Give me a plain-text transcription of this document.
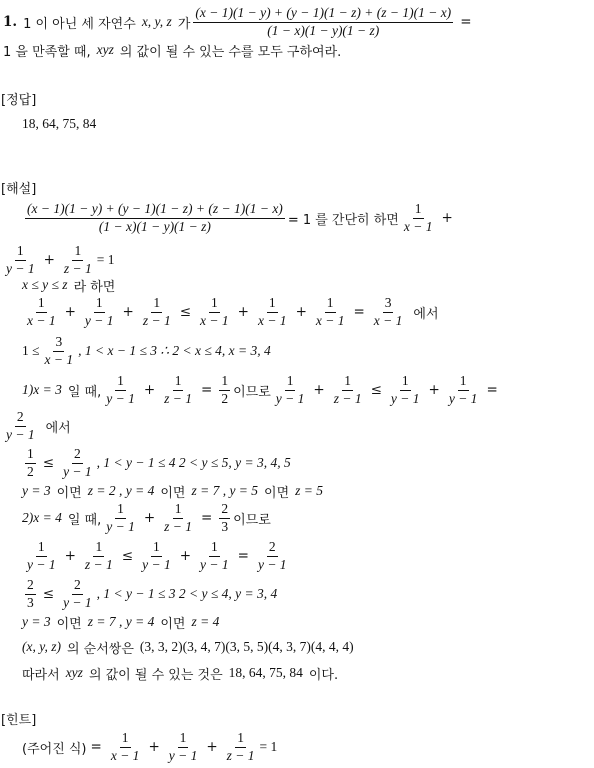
1. 1 이 아닌 세 자연수 x, y, z 가 $\frac{(x - 1)(1 - y) + (y - 1)(1 - z) + (z - 1)(1 - x)}{(1 - x)(1 - y)(1 - z)}$ =
1 을 만족할 때, xyz 의 값이 될 수 있는 수를 모두 구하여라.
[정답]
18, 64, 75, 84
[해설]
$\frac{(x - 1)(1 - y) + (y - 1)(1 - z) + (z - 1)(1 - x)}{(1 - x)(1 - y)(1 - z)} = 1$ 를 간단히 하면 $\frac{1}{x - 1}$ +
$\frac{1}{y - 1} + \frac{1}{z - 1} = 1$
x ≤ y ≤ z 라 하면
$\frac{1}{x - 1} + \frac{1}{y - 1} + \frac{1}{z - 1} \le \frac{1}{x - 1} + \frac{1}{x - 1} + \frac{1}{x - 1} = \frac{3}{x - 1}$ 에서
$1 \le \frac{3}{x - 1}$ , 1 < x − 1 ≤ 3 ∴ 2 < x ≤ 4, x = 3, 4
1)x = 3 일 때, $\frac{1}{y - 1} + \frac{1}{z - 1} = \frac{1}{2}$ 이므로 $\frac{1}{y - 1} + \frac{1}{z - 1} \le \frac{1}{y - 1} + \frac{1}{y - 1}$ =
$\frac{2}{y - 1}$ 에서
$\frac{1}{2} \le \frac{2}{y - 1}$ , 1 < y − 1 ≤ 4 2 < y ≤ 5, y = 3, 4, 5
y = 3 이면 z = 2 , y = 4 이면 z = 7 , y = 5 이면 z = 5
2)x = 4 일 때, $\frac{1}{y - 1} + \frac{1}{z - 1} = \frac{2}{3}$ 이므로
$\frac{1}{y - 1} + \frac{1}{z - 1} \le \frac{1}{y - 1} + \frac{1}{y - 1} = \frac{2}{y - 1}$
$\frac{2}{3} \le \frac{2}{y - 1}$ , 1 < y − 1 ≤ 3 2 < y ≤ 4, y = 3, 4
y = 3 이면 z = 7 , y = 4 이면 z = 4
(x, y, z) 의 순서쌍은 (3, 3, 2)(3, 4, 7)(3, 5, 5)(4, 3, 7)(4, 4, 4)
따라서 xyz 의 값이 될 수 있는 것은 18, 64, 75, 84 이다.
[힌트]
(주어진 식) = $\frac{1}{x - 1} + \frac{1}{y - 1} + \frac{1}{z - 1} = 1$
